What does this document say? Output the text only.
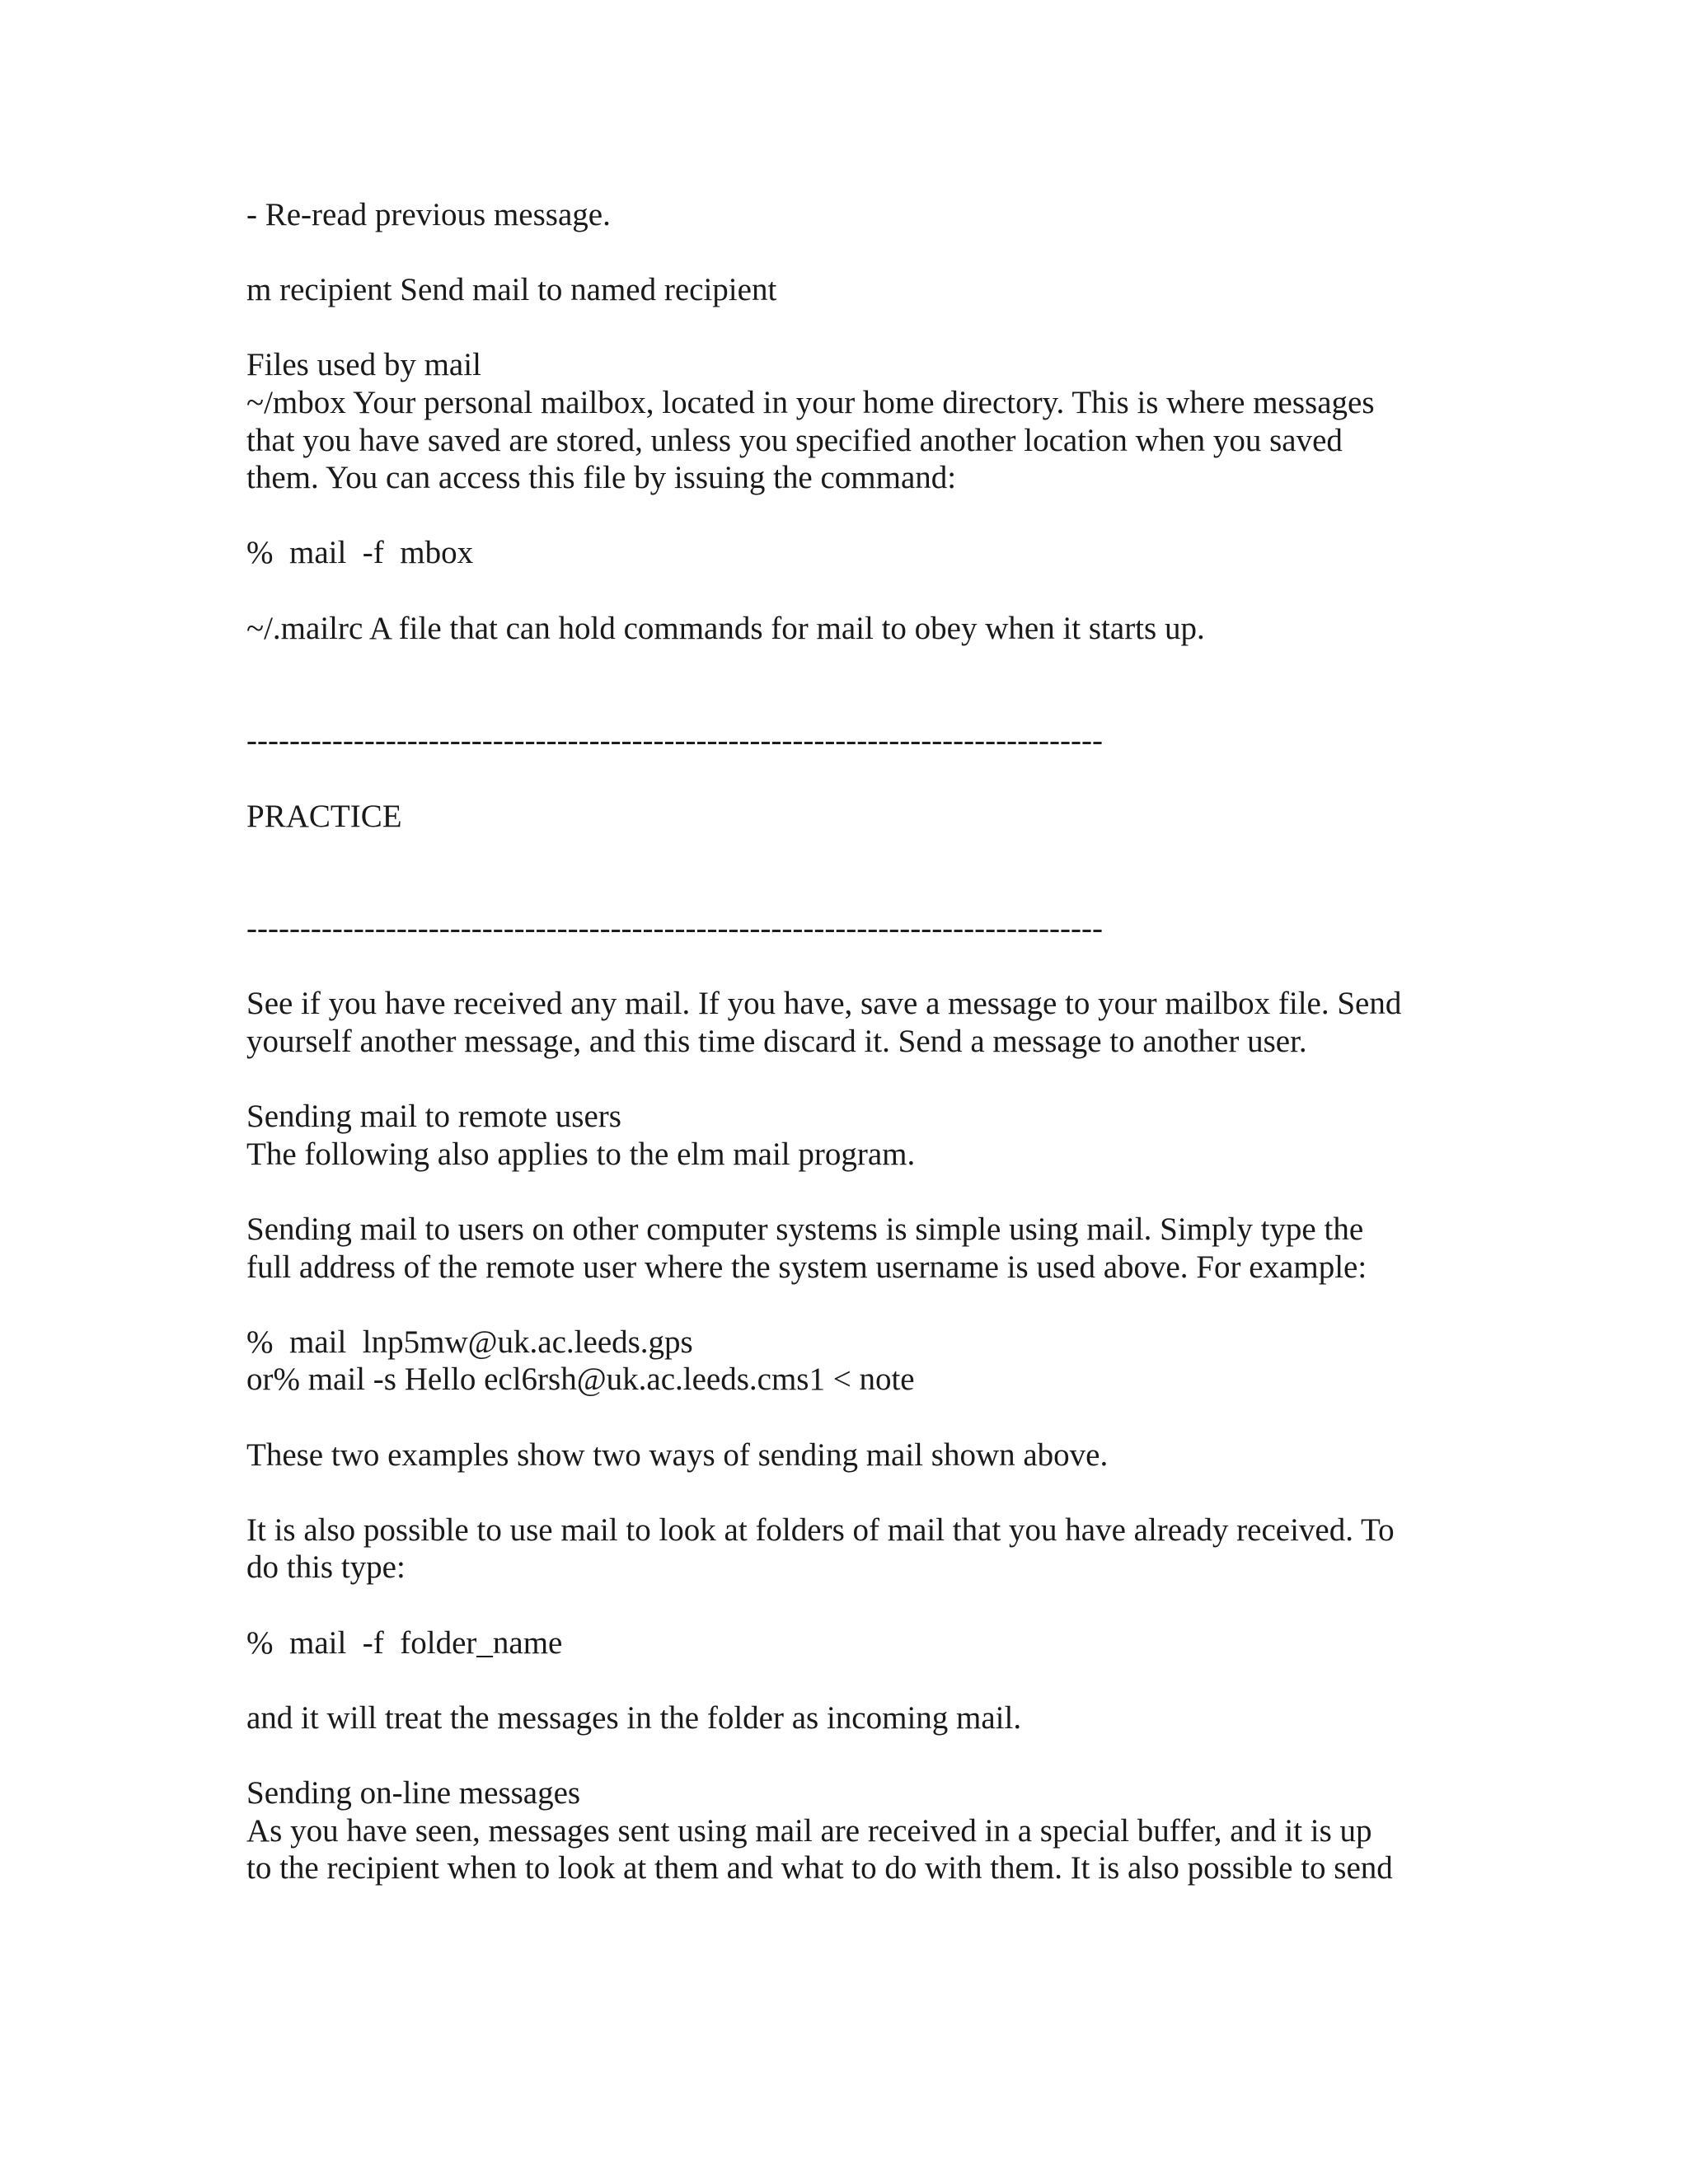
- Re-read previous message.
m recipient Send mail to named recipient
Files used by mail
~/mbox Your personal mailbox, located in your home directory. This is where messages
that you have saved are stored, unless you specified another location when you saved
them. You can access this file by issuing the command:
%  mail  -f  mbox
~/.mailrc A file that can hold commands for mail to obey when it starts up.
--------------------------------------------------------------------------------
PRACTICE
--------------------------------------------------------------------------------
See if you have received any mail. If you have, save a message to your mailbox file. Send
yourself another message, and this time discard it. Send a message to another user.
Sending mail to remote users
The following also applies to the elm mail program.
Sending mail to users on other computer systems is simple using mail. Simply type the
full address of the remote user where the system username is used above. For example:
%  mail  lnp5mw@uk.ac.leeds.gps
or% mail -s Hello ecl6rsh@uk.ac.leeds.cms1 < note
These two examples show two ways of sending mail shown above.
It is also possible to use mail to look at folders of mail that you have already received. To
do this type:
%  mail  -f  folder_name
and it will treat the messages in the folder as incoming mail.
Sending on-line messages
As you have seen, messages sent using mail are received in a special buffer, and it is up
to the recipient when to look at them and what to do with them. It is also possible to send
